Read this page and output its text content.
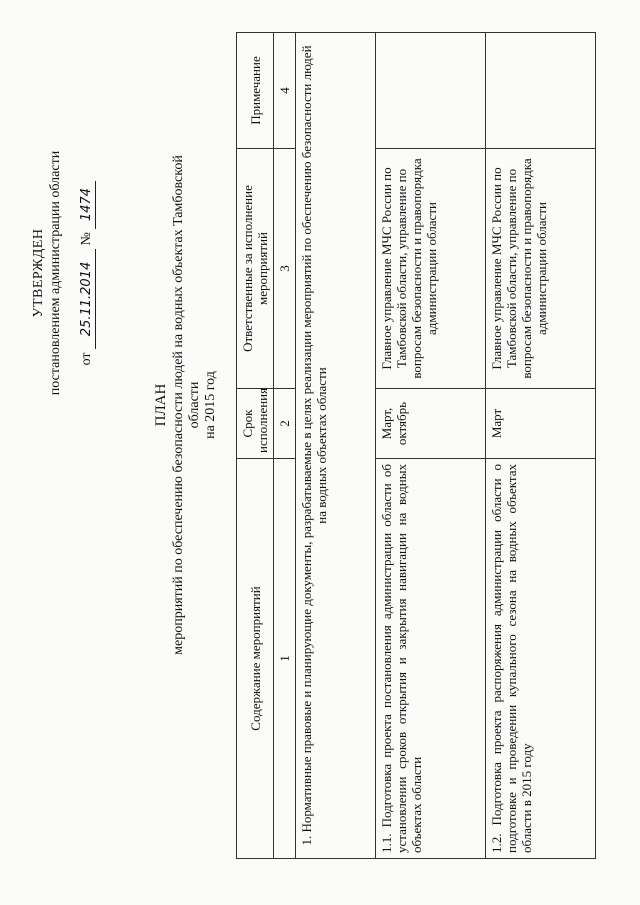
УТВЕРЖДЕН постановлением администрации области от 25.11.2014 № 1474
ПЛАН мероприятий по обеспечению безопасности людей на водных объектах Тамбовской области на 2015 год
Содержание мероприятий	Срок исполнения	Ответственные за исполнение мероприятий	Примечание
1	2	3	4
1. Нормативные правовые и планирующие документы, разрабатываемые в целях реализации мероприятий по обеспечению безопасности людей на водных объектах области			
1.1. Подготовка проекта постановления администрации области об установлении сроков открытия и закрытия навигации на водных объектах области	Март, октябрь	Главное управление МЧС России по Тамбовской области, управление по вопросам безопасности и правопорядка администрации области	
1.2. Подготовка проекта распоряжения администрации области о подготовке и проведении купального сезона на водных объектах области в 2015 году	Март	Главное управление МЧС России по Тамбовской области, управление по вопросам безопасности и правопорядка администрации области	
